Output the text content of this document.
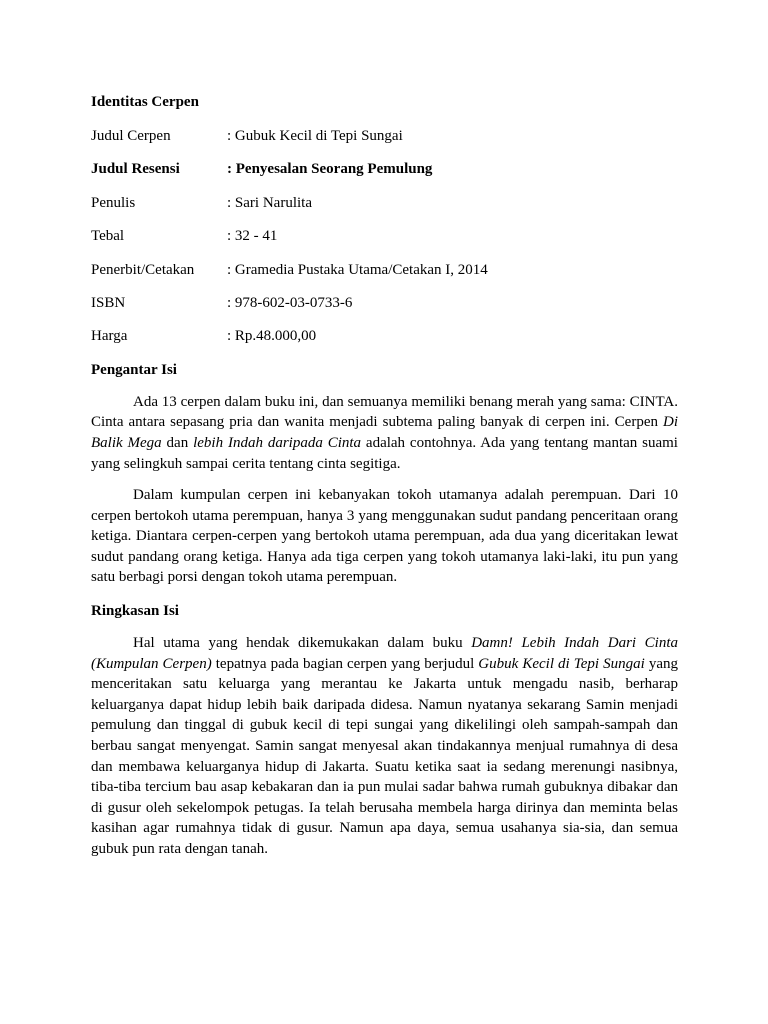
Identitas Cerpen

Judul Cerpen	: Gubuk Kecil di Tepi Sungai
Judul Resensi	: Penyesalan Seorang Pemulung
Penulis	: Sari Narulita
Tebal	: 32 - 41
Penerbit/Cetakan	: Gramedia Pustaka Utama/Cetakan I, 2014
ISBN	: 978-602-03-0733-6
Harga	: Rp.48.000,00

Pengantar Isi

Ada 13 cerpen dalam buku ini, dan semuanya memiliki benang merah yang sama: CINTA. Cinta antara sepasang pria dan wanita menjadi subtema paling banyak di cerpen ini. Cerpen Di Balik Mega dan lebih Indah daripada Cinta adalah contohnya. Ada yang tentang mantan suami yang selingkuh sampai cerita tentang cinta segitiga.

Dalam kumpulan cerpen ini kebanyakan tokoh utamanya adalah perempuan. Dari 10 cerpen bertokoh utama perempuan, hanya 3 yang menggunakan sudut pandang penceritaan orang ketiga. Diantara cerpen-cerpen yang bertokoh utama perempuan, ada dua yang diceritakan lewat sudut pandang orang ketiga. Hanya ada tiga cerpen yang tokoh utamanya laki-laki, itu pun yang satu berbagi porsi dengan tokoh utama perempuan.

Ringkasan Isi

Hal utama yang hendak dikemukakan dalam buku Damn! Lebih Indah Dari Cinta (Kumpulan Cerpen) tepatnya pada bagian cerpen yang berjudul Gubuk Kecil di Tepi Sungai yang menceritakan satu keluarga yang merantau ke Jakarta untuk mengadu nasib, berharap keluarganya dapat hidup lebih baik daripada didesa. Namun nyatanya sekarang Samin menjadi pemulung dan tinggal di gubuk kecil di tepi sungai yang dikelilingi oleh sampah-sampah dan berbau sangat menyengat. Samin sangat menyesal akan tindakannya menjual rumahnya di desa dan membawa keluarganya hidup di Jakarta. Suatu ketika saat ia sedang merenungi nasibnya, tiba-tiba tercium bau asap kebakaran dan ia pun mulai sadar bahwa rumah gubuknya dibakar dan di gusur oleh sekelompok petugas. Ia telah berusaha membela harga dirinya dan meminta belas kasihan agar rumahnya tidak di gusur. Namun apa daya, semua usahanya sia-sia, dan semua gubuk pun rata dengan tanah.
